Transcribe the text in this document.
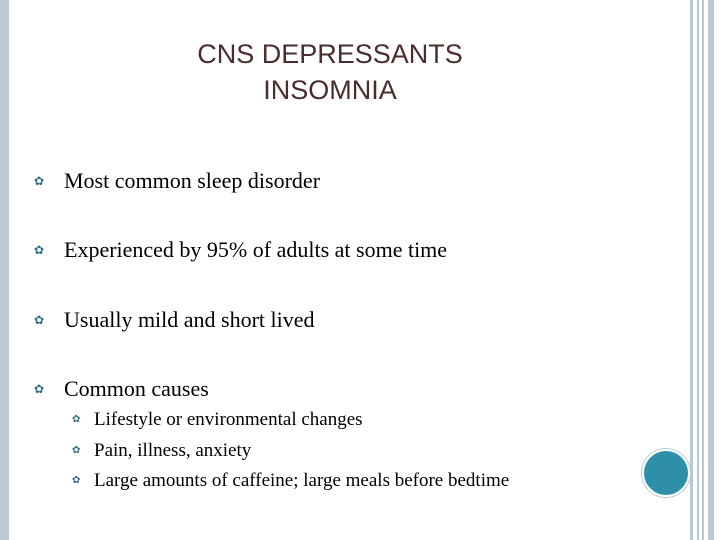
CNS DEPRESSANTS
INSOMNIA
✿ Most common sleep disorder
✿ Experienced by 95% of adults at some time
✿ Usually mild and short lived
✿ Common causes
✿ Lifestyle or environmental changes
✿ Pain, illness, anxiety
✿ Large amounts of caffeine; large meals before bedtime
